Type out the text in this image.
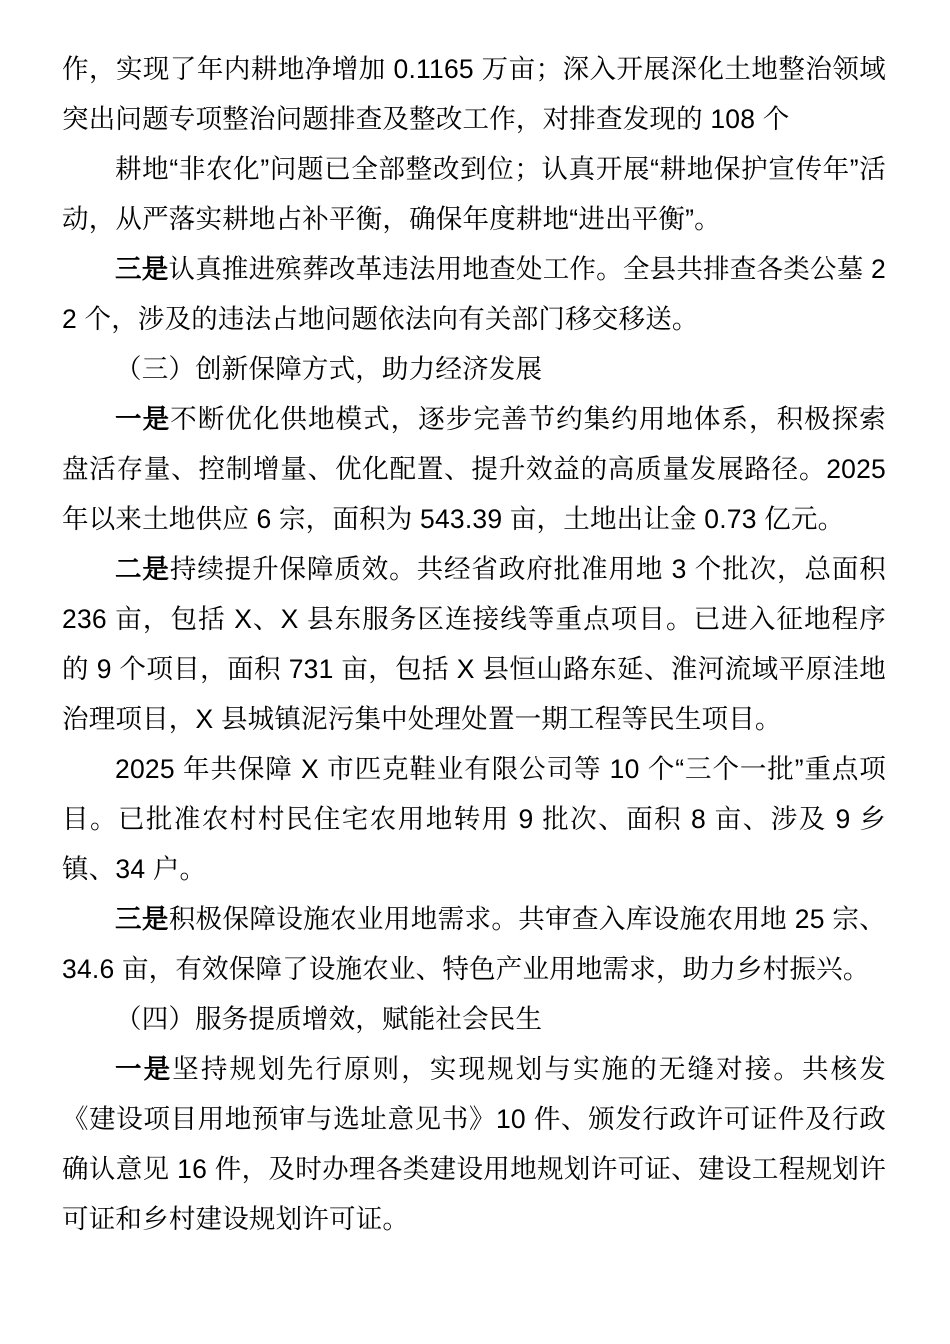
作，实现了年内耕地净增加 0.1165 万亩；深入开展深化土地整治领域突出问题专项整治问题排查及整改工作，对排查发现的 108 个

耕地“非农化”问题已全部整改到位；认真开展“耕地保护宣传年”活动，从严落实耕地占补平衡，确保年度耕地“进出平衡”。

三是认真推进殡葬改革违法用地查处工作。全县共排查各类公墓 22 个，涉及的违法占地问题依法向有关部门移交移送。

（三）创新保障方式，助力经济发展

一是不断优化供地模式，逐步完善节约集约用地体系，积极探索盘活存量、控制增量、优化配置、提升效益的高质量发展路径。2025 年以来土地供应 6 宗，面积为 543.39 亩，土地出让金 0.73 亿元。

二是持续提升保障质效。共经省政府批准用地 3 个批次，总面积 236 亩，包括 X、X 县东服务区连接线等重点项目。已进入征地程序的 9 个项目，面积 731 亩，包括 X 县恒山路东延、淮河流域平原洼地治理项目，X 县城镇泥污集中处理处置一期工程等民生项目。

2025 年共保障 X 市匹克鞋业有限公司等 10 个“三个一批”重点项目。已批准农村村民住宅农用地转用 9 批次、面积 8 亩、涉及 9 乡镇、34 户。

三是积极保障设施农业用地需求。共审查入库设施农用地 25 宗、34.6 亩，有效保障了设施农业、特色产业用地需求，助力乡村振兴。

（四）服务提质增效，赋能社会民生

一是坚持规划先行原则，实现规划与实施的无缝对接。共核发《建设项目用地预审与选址意见书》10 件、颁发行政许可证件及行政确认意见 16 件，及时办理各类建设用地规划许可证、建设工程规划许可证和乡村建设规划许可证。
